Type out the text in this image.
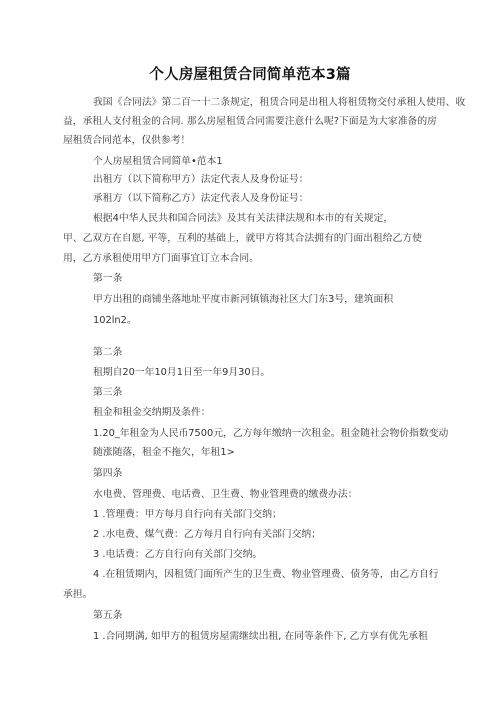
个人房屋租赁合同简单范本3篇
我国《合同法》第二百一十二条规定，租赁合同是出租人将租赁物交付承租人使用、收
益，承租人支付租金的合同. 那么房屋租赁合同需要注意什么呢?下面是为大家准备的房
屋租赁合同范本，仅供参考！
个人房屋租赁合同简单•范本1
出租方（以下简称甲方）法定代表人及身份证号：
承租方（以下简称乙方）法定代表人及身份证号：
根据4中华人民共和国合同法》及其有关法律法规和本市的有关规定，
甲、乙双方在自愿, 平等，互利的基础上，就甲方将其合法拥有的门面出租给乙方使
用，乙方承租使用甲方门面事宜订立本合同。
第一条
甲方出租的商铺坐落地址平度市新河镇镇海社区大门东3号，建筑面积
102ln2。
第二条
租期自20一年10月1日至一年9月30日。
第三条
租金和租金交纳期及条件：
1.20_年租金为人民币7500元，乙方每年缴纳一次租金。租金随社会物价指数变动
随涨随落，租金不拖欠，年租1>
第四条
水电费、管理费、电话费、卫生费、物业管理费的缴费办法：
1 .管理费：甲方每月自行向有关部门交纳；
2 .水电费、煤气费：乙方每月自行向有关部门交纳；
3 .电话费：乙方自行向有关部门交纳。
4 .在租赁期内，因租赁门面所产生的卫生费、物业管理费、债务等，由乙方自行
承担。
第五条
1 .合同期满, 如甲方的租赁房屋需继续出租, 在同等条件下, 乙方享有优先承租
